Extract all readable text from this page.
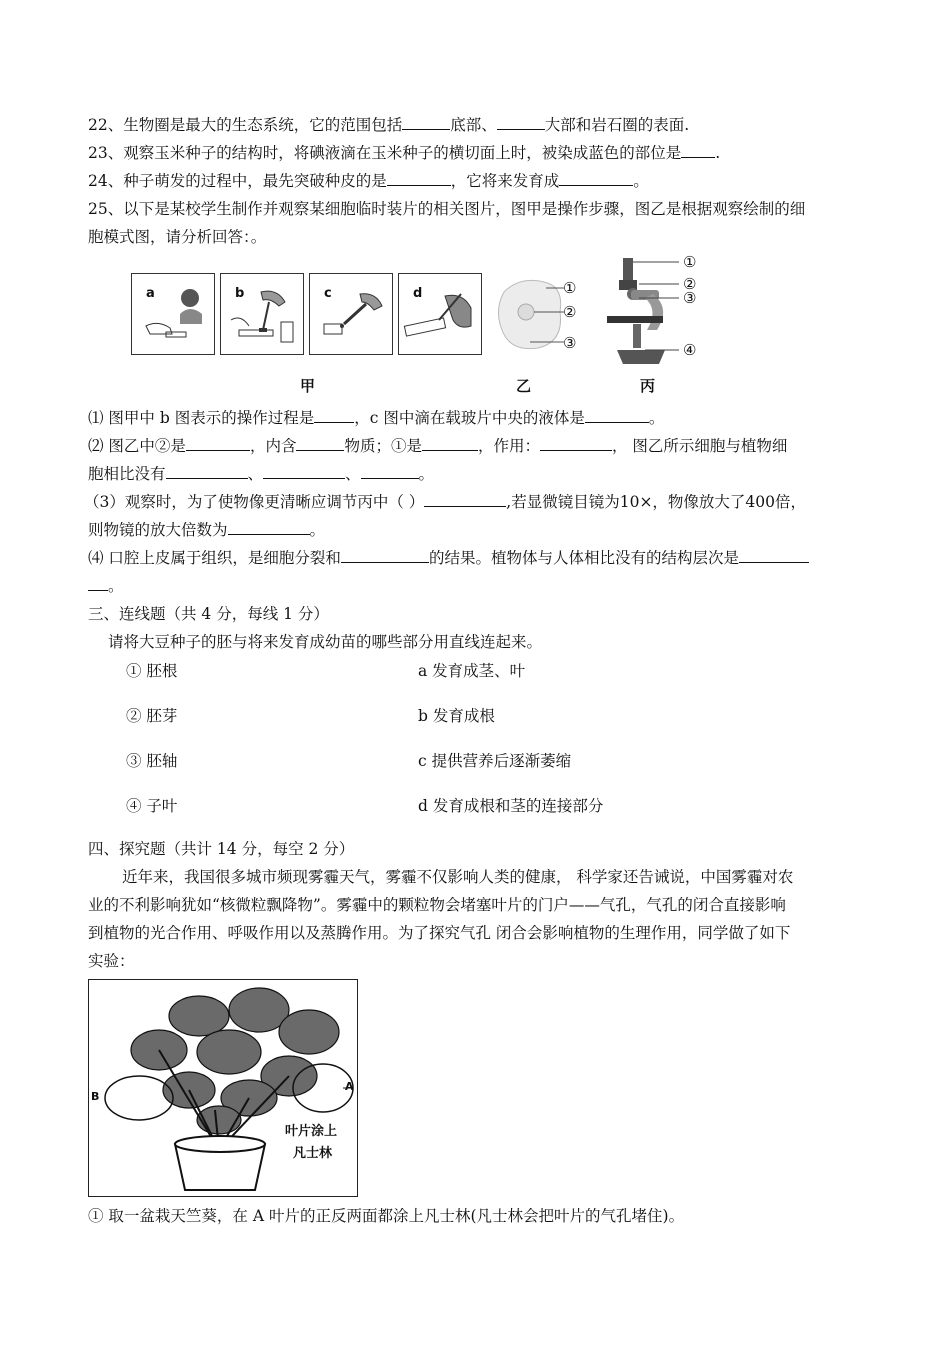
22、生物圈是最大的生态系统，它的范围包括	底部、	大部和岩石圈的表面.
23、观察玉米种子的结构时，将碘液滴在玉米种子的横切面上时，被染成蓝色的部位是 .
24、种子萌发的过程中，最先突破种皮的是	，它将来发育成	。
25、以下是某校学生制作并观察某细胞临时装片的相关图片，图甲是操作步骤，图乙是根据观察绘制的细
胞模式图，请分析回答：。
a	b	c	d	①
②
③
①
②
③
④
甲	乙	丙
⑴ 图甲中 b 图表示的操作过程是	，c 图中滴在载玻片中央的液体是	。
⑵ 图乙中②是	，内含	物质；①是	，作用：	， 图乙所示细胞与植物细
胞相比没有	、	、	。
（3）观察时，为了使物像更清晰应调节丙中（ ）	,若显微镜目镜为10×，物像放大了400倍，
则物镜的放大倍数为	。
⑷ 口腔上皮属于组织，是细胞分裂和	的结果。植物体与人体相比没有的结构层次是
。
三、连线题（共 4 分，每线 1 分）
请将大豆种子的胚与将来发育成幼苗的哪些部分用直线连起来。
① 胚根	a 发育成茎、叶
② 胚芽	b 发育成根
③ 胚轴	c 提供营养后逐渐萎缩
④ 子叶	d 发育成根和茎的连接部分
四、探究题（共计 14 分，每空 2 分）
近年来，我国很多城市频现雾霾天气，雾霾不仅影响人类的健康， 科学家还告诫说，中国雾霾对农
业的不利影响犹如“核微粒飘降物”。雾霾中的颗粒物会堵塞叶片的门户——气孔，气孔的闭合直接影响
到植物的光合作用、呼吸作用以及蒸腾作用。为了探究气孔 闭合会影响植物的生理作用，同学做了如下
实验：
A
B
叶片涂上
凡士林
① 取一盆栽天竺葵，在 A 叶片的正反两面都涂上凡士林(凡士林会把叶片的气孔堵住)。
